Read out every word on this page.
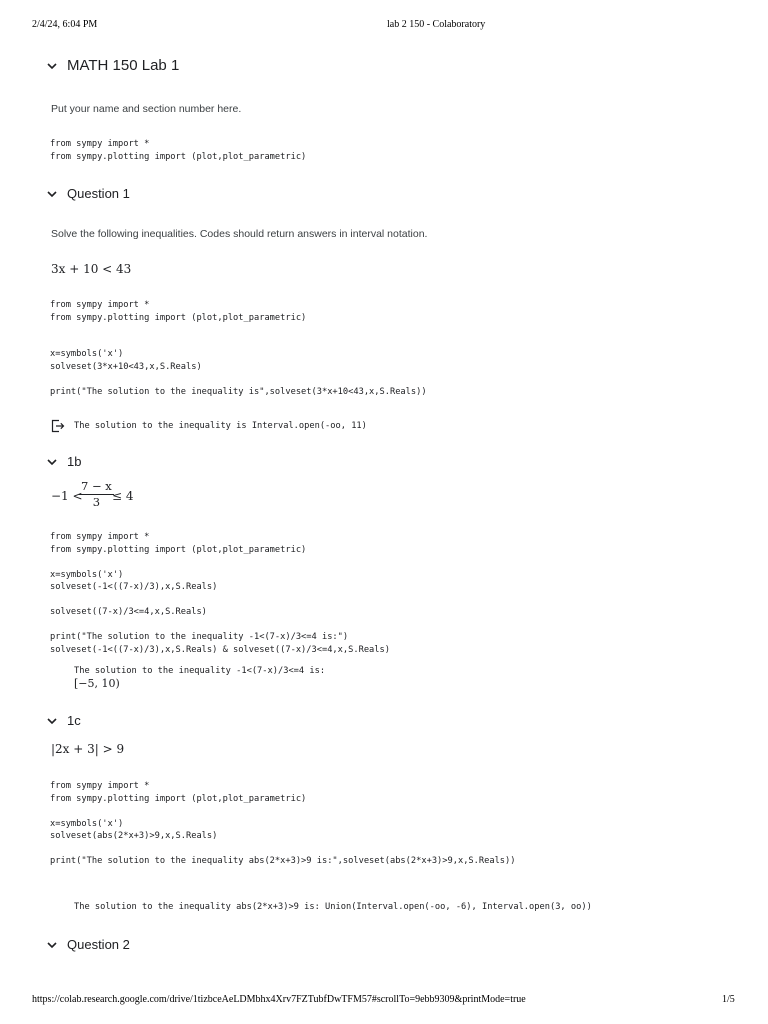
2/4/24, 6:04 PM	lab 2 150 - Colaboratory
MATH 150 Lab 1
Put your name and section number here.
from sympy import *
from sympy.plotting import (plot,plot_parametric)
Question 1
Solve the following inequalities. Codes should return answers in interval notation.
3x + 10 < 43
from sympy import *
from sympy.plotting import (plot,plot_parametric)
x=symbols('x')
solveset(3*x+10<43,x,S.Reals)

print("The solution to the inequality is",solveset(3*x+10<43,x,S.Reals))
The solution to the inequality is Interval.open(-oo, 11)
1b
−1 <
$\frac{7 - x}{3}$
≤ 4
from sympy import *
from sympy.plotting import (plot,plot_parametric)

x=symbols('x')
solveset(-1<((7-x)/3),x,S.Reals)

solveset((7-x)/3<=4,x,S.Reals)

print("The solution to the inequality -1<(7-x)/3<=4 is:")
solveset(-1<((7-x)/3),x,S.Reals) & solveset((7-x)/3<=4,x,S.Reals)
The solution to the inequality -1<(7-x)/3<=4 is:
[−5, 10)
1c
|2x + 3| > 9
from sympy import *
from sympy.plotting import (plot,plot_parametric)

x=symbols('x')
solveset(abs(2*x+3)>9,x,S.Reals)

print("The solution to the inequality abs(2*x+3)>9 is:",solveset(abs(2*x+3)>9,x,S.Reals))
The solution to the inequality abs(2*x+3)>9 is: Union(Interval.open(-oo, -6), Interval.open(3, oo))
Question 2
https://colab.research.google.com/drive/1tizbceAeLDMbhx4Xrv7FZTubfDwTFM57#scrollTo=9ebb9309&printMode=true	1/5
